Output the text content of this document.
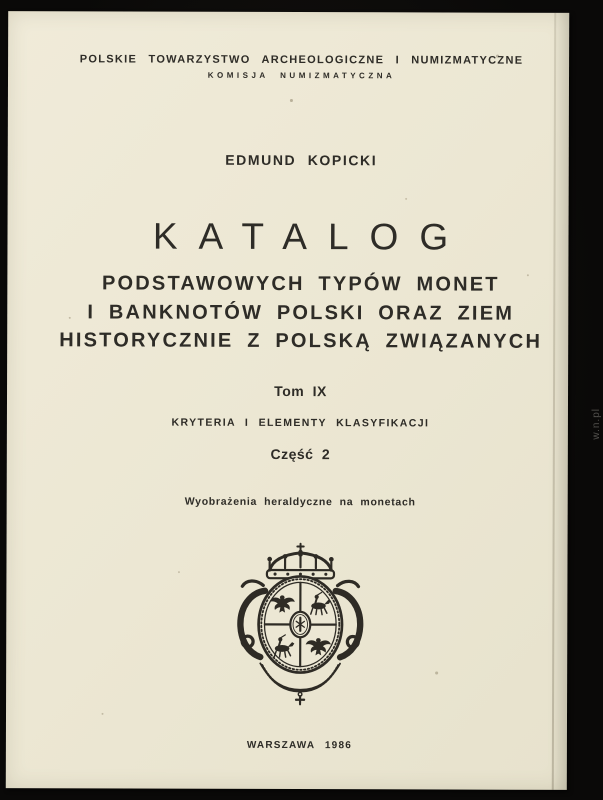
POLSKIE TOWARZYSTWO ARCHEOLOGICZNE I NUMIZMATYCZNE
KOMISJA NUMIZMATYCZNA
EDMUND KOPICKI
KATALOG
PODSTAWOWYCH TYPÓW MONET
I BANKNOTÓW POLSKI ORAZ ZIEM
HISTORYCZNIE Z POLSKĄ ZWIĄZANYCH
Tom IX
KRYTERIA I ELEMENTY KLASYFIKACJI
Część 2
Wyobrażenia heraldyczne na monetach
WARSZAWA 1986
w.n.pl
